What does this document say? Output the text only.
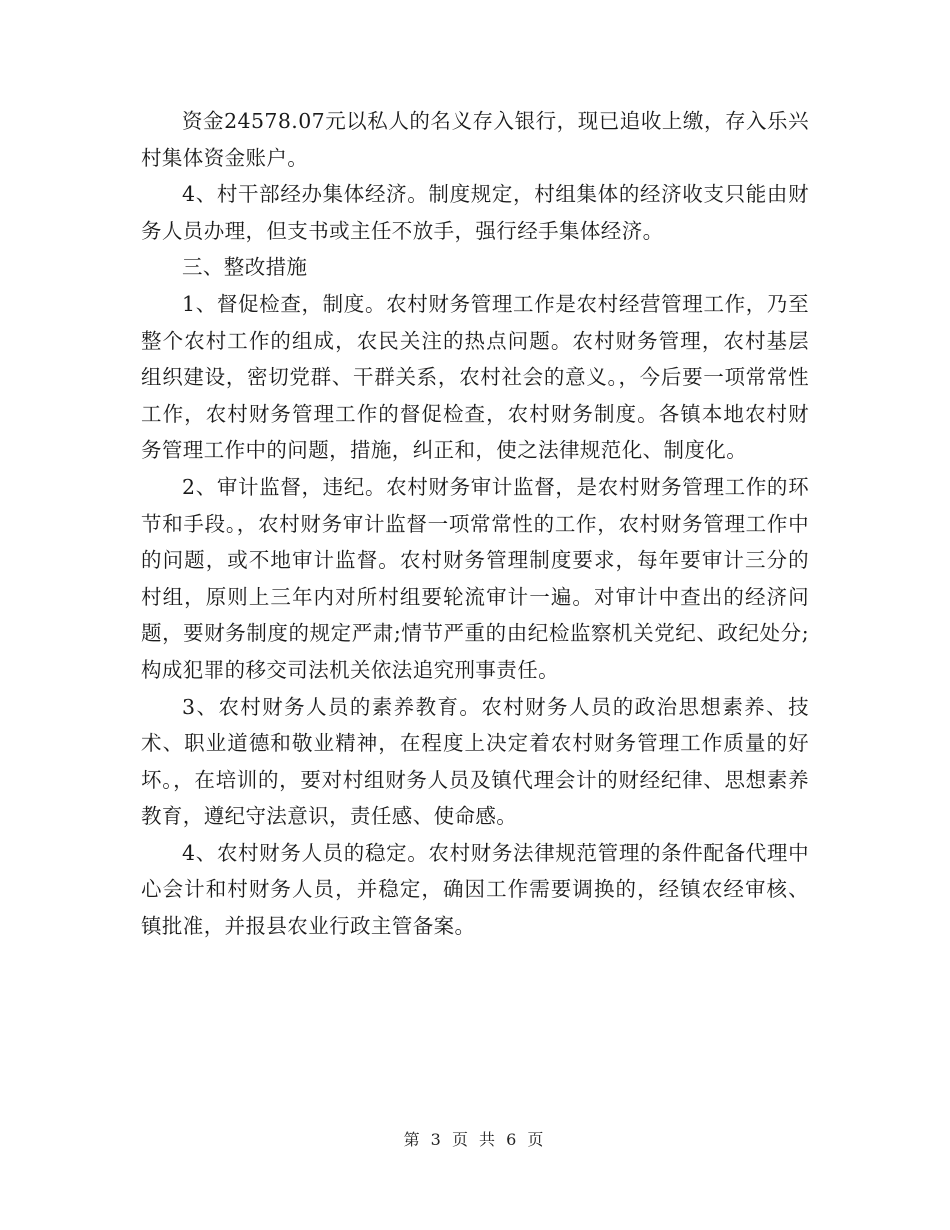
资金24578.07元以私人的名义存入银行，现已追收上缴，存入乐兴村集体资金账户。

4、村干部经办集体经济。制度规定，村组集体的经济收支只能由财务人员办理，但支书或主任不放手，强行经手集体经济。

三、整改措施

1、督促检查，制度。农村财务管理工作是农村经营管理工作，乃至整个农村工作的组成，农民关注的热点问题。农村财务管理，农村基层组织建设，密切党群、干群关系，农村社会的意义。，今后要一项常常性工作，农村财务管理工作的督促检查，农村财务制度。各镇本地农村财务管理工作中的问题，措施，纠正和，使之法律规范化、制度化。

2、审计监督，违纪。农村财务审计监督，是农村财务管理工作的环节和手段。，农村财务审计监督一项常常性的工作，农村财务管理工作中的问题，或不地审计监督。农村财务管理制度要求，每年要审计三分的村组，原则上三年内对所村组要轮流审计一遍。对审计中查出的经济问题，要财务制度的规定严肃;情节严重的由纪检监察机关党纪、政纪处分;构成犯罪的移交司法机关依法追究刑事责任。

3、农村财务人员的素养教育。农村财务人员的政治思想素养、技术、职业道德和敬业精神，在程度上决定着农村财务管理工作质量的好坏。，在培训的，要对村组财务人员及镇代理会计的财经纪律、思想素养教育，遵纪守法意识，责任感、使命感。

4、农村财务人员的稳定。农村财务法律规范管理的条件配备代理中心会计和村财务人员，并稳定，确因工作需要调换的，经镇农经审核、镇批准，并报县农业行政主管备案。

第 3 页 共 6 页
